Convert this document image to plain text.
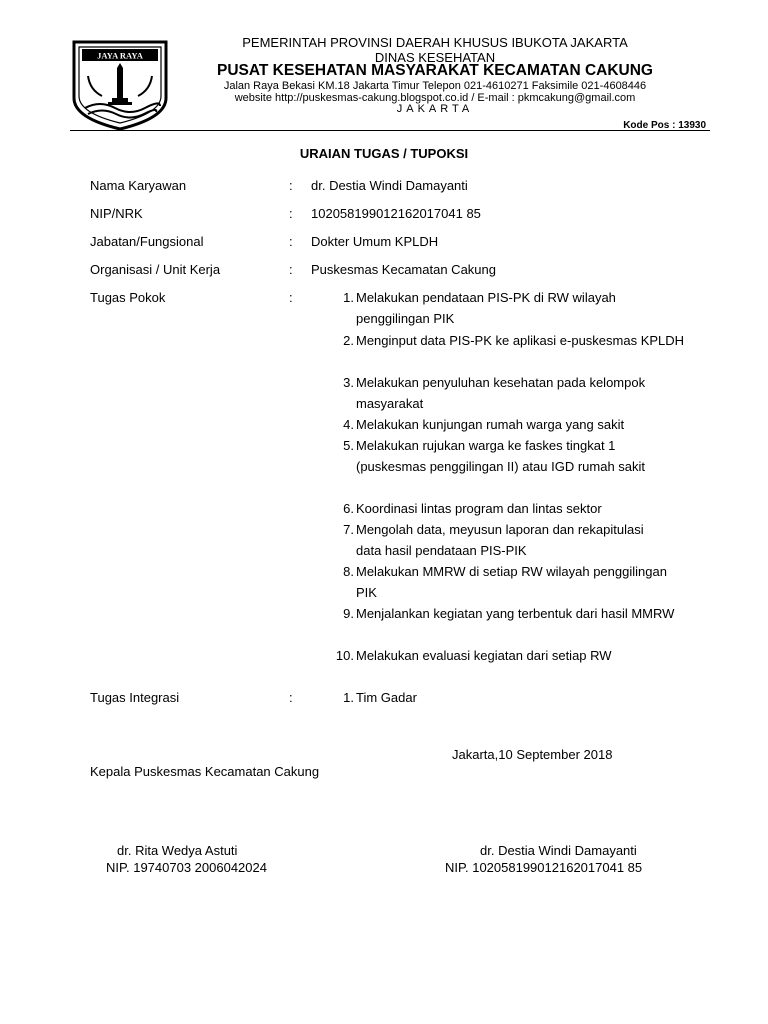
JAYA RAYA
PEMERINTAH PROVINSI DAERAH KHUSUS IBUKOTA JAKARTA
DINAS KESEHATAN
PUSAT KESEHATAN MASYARAKAT KECAMATAN CAKUNG
Jalan Raya Bekasi KM.18 Jakarta Timur Telepon 021-4610271 Faksimile 021-4608446
website http://puskesmas-cakung.blogspot.co.id / E-mail : pkmcakung@gmail.com
JAKARTA
Kode Pos : 13930
URAIAN TUGAS / TUPOKSI
Nama Karyawan	: dr. Destia Windi Damayanti
NIP/NRK	: 102058199012162017041 85
Jabatan/Fungsional	: Dokter Umum KPLDH
Organisasi / Unit Kerja	: Puskesmas Kecamatan Cakung
Tugas Pokok	:	1. Melakukan pendataan PIS-PK di RW wilayah penggilingan PIK
2. Menginput data PIS-PK ke aplikasi e-puskesmas KPLDH
3. Melakukan penyuluhan kesehatan pada kelompok masyarakat
4. Melakukan kunjungan rumah warga yang sakit
5. Melakukan rujukan warga ke faskes tingkat 1 (puskesmas penggilingan II) atau IGD rumah sakit
6. Koordinasi lintas program dan lintas sektor
7. Mengolah data, meyusun laporan dan rekapitulasi data hasil pendataan PIS-PIK
8. Melakukan MMRW di setiap RW wilayah penggilingan PIK
9. Menjalankan kegiatan yang terbentuk dari hasil MMRW
10. Melakukan evaluasi kegiatan dari setiap RW
Tugas Integrasi	:	1. Tim Gadar
Jakarta,10 September 2018
Kepala Puskesmas Kecamatan Cakung
dr. Rita Wedya Astuti
NIP. 19740703 2006042024
dr. Destia Windi Damayanti
NIP. 102058199012162017041 85
